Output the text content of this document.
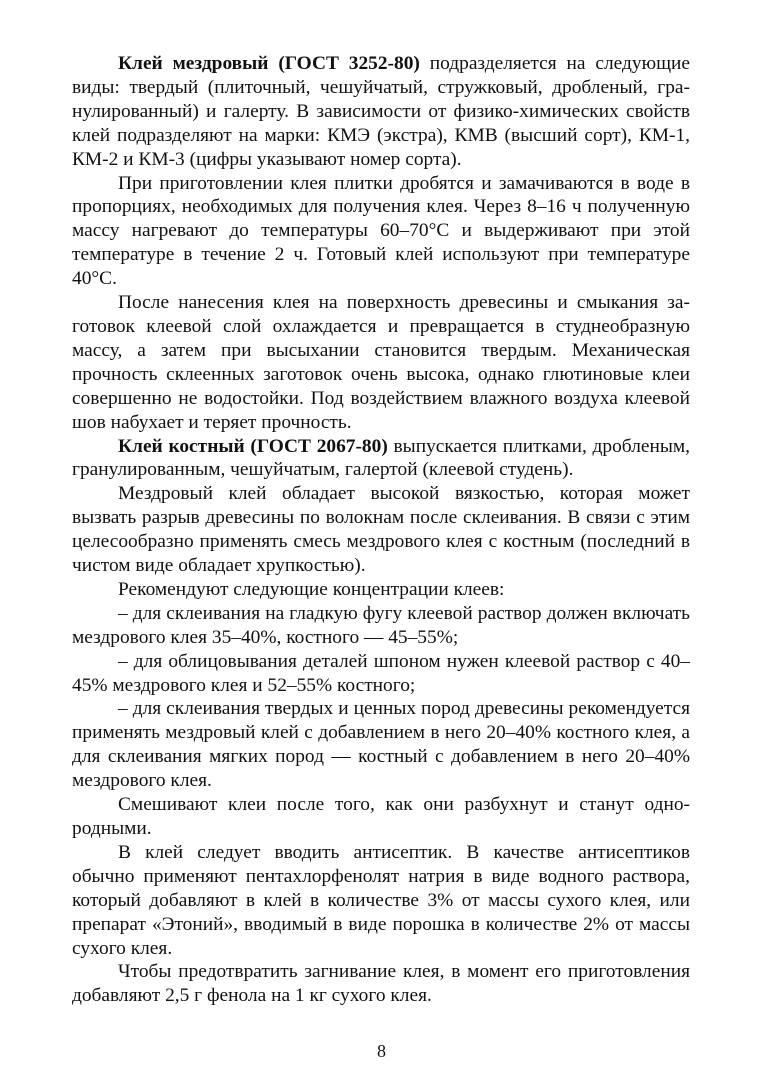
Клей мездровый (ГОСТ 3252-80) подразделяется на следующие виды: твердый (плиточный, чешуйчатый, стружковый, дробленый, гранулированный) и галерту. В зависимости от физико-химических свойств клей подразделяют на марки: КМЭ (экстра), КМВ (высший сорт), КМ-1, КМ-2 и КМ-3 (цифры указывают номер сорта).

При приготовлении клея плитки дробятся и замачиваются в воде в пропорциях, необходимых для получения клея. Через 8–16 ч полученную массу нагревают до температуры 60–70°С и выдерживают при этой температуре в течение 2 ч. Готовый клей используют при температуре 40°С.

После нанесения клея на поверхность древесины и смыкания заготовок клеевой слой охлаждается и превращается в студнеобразную массу, а затем при высыхании становится твердым. Механическая прочность склеенных заготовок очень высока, однако глютиновые клеи совершенно не водостойки. Под воздействием влажного воздуха клеевой шов набухает и теряет прочность.

Клей костный (ГОСТ 2067-80) выпускается плитками, дробленым, гранулированным, чешуйчатым, галертой (клеевой студень).

Мездровый клей обладает высокой вязкостью, которая может вызвать разрыв древесины по волокнам после склеивания. В связи с этим целесообразно применять смесь мездрового клея с костным (последний в чистом виде обладает хрупкостью).

Рекомендуют следующие концентрации клеев:

– для склеивания на гладкую фугу клеевой раствор должен включать мездрового клея 35–40%, костного — 45–55%;

– для облицовывания деталей шпоном нужен клеевой раствор с 40–45% мездрового клея и 52–55% костного;

– для склеивания твердых и ценных пород древесины рекомендуется применять мездровый клей с добавлением в него 20–40% костного клея, а для склеивания мягких пород — костный с добавлением в него 20–40% мездрового клея.

Смешивают клеи после того, как они разбухнут и станут однородными.

В клей следует вводить антисептик. В качестве антисептиков обычно применяют пентахлорфенолят натрия в виде водного раствора, который добавляют в клей в количестве 3% от массы сухого клея, или препарат «Этоний», вводимый в виде порошка в количестве 2% от массы сухого клея.

Чтобы предотвратить загнивание клея, в момент его приготовления добавляют 2,5 г фенола на 1 кг сухого клея.

8
